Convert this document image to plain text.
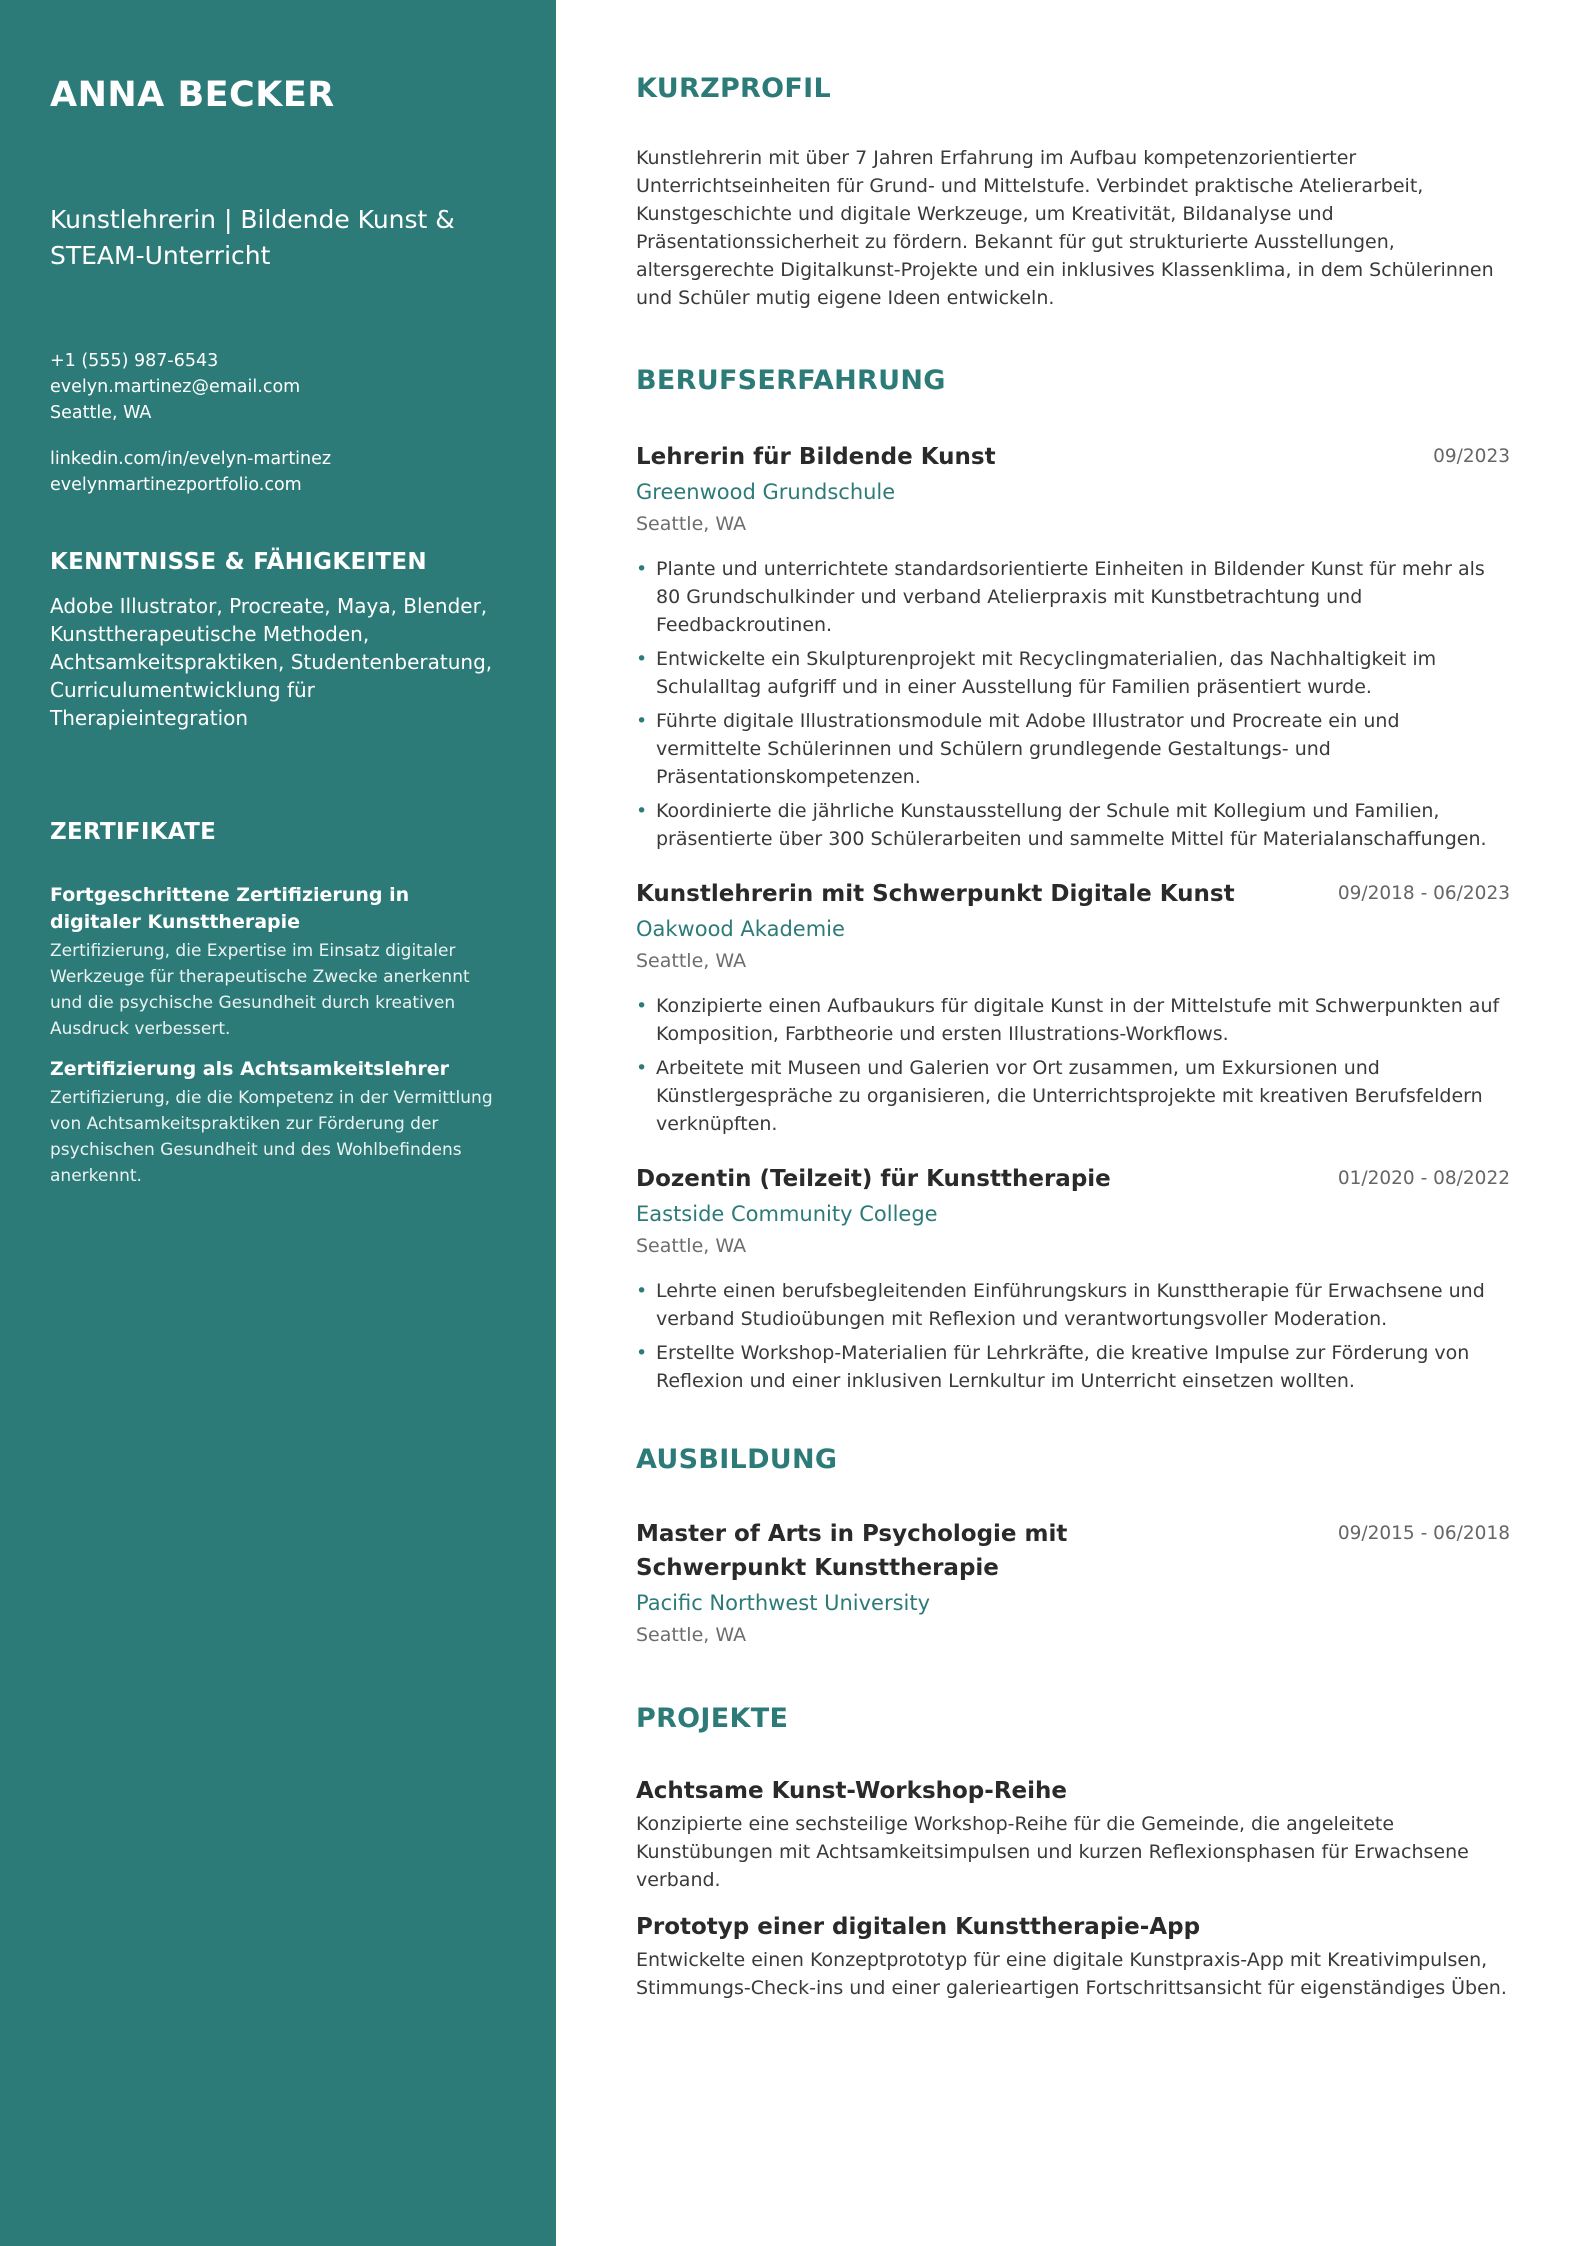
ANNA BECKER
Kunstlehrerin | Bildende Kunst & STEAM-Unterricht
+1 (555) 987-6543
evelyn.martinez@email.com
Seattle, WA
linkedin.com/in/evelyn-martinez
evelynmartinezportfolio.com
KENNTNISSE & FÄHIGKEITEN
Adobe Illustrator, Procreate, Maya, Blender, Kunsttherapeutische Methoden, Achtsamkeitspraktiken, Studentenberatung, Curriculumentwicklung für Therapieintegration
ZERTIFIKATE
Fortgeschrittene Zertifizierung in digitaler Kunsttherapie
Zertifizierung, die Expertise im Einsatz digitaler Werkzeuge für therapeutische Zwecke anerkennt und die psychische Gesundheit durch kreativen Ausdruck verbessert.
Zertifizierung als Achtsamkeitslehrer
Zertifizierung, die die Kompetenz in der Vermittlung von Achtsamkeitspraktiken zur Förderung der psychischen Gesundheit und des Wohlbefindens anerkennt.
KURZPROFIL

Kunstlehrerin mit über 7 Jahren Erfahrung im Aufbau kompetenzorientierter Unterrichtseinheiten für Grund- und Mittelstufe. Verbindet praktische Atelierarbeit, Kunstgeschichte und digitale Werkzeuge, um Kreativität, Bildanalyse und Präsentationssicherheit zu fördern. Bekannt für gut strukturierte Ausstellungen, altersgerechte Digitalkunst-Projekte und ein inklusives Klassenklima, in dem Schülerinnen und Schüler mutig eigene Ideen entwickeln.

BERUFSERFAHRUNG
Lehrerin für Bildende Kunst	09/2023
Greenwood Grundschule
Seattle, WA
• Plante und unterrichtete standardsorientierte Einheiten in Bildender Kunst für mehr als 80 Grundschulkinder und verband Atelierpraxis mit Kunstbetrachtung und Feedbackroutinen.
• Entwickelte ein Skulpturenprojekt mit Recyclingmaterialien, das Nachhaltigkeit im Schulalltag aufgriff und in einer Ausstellung für Familien präsentiert wurde.
• Führte digitale Illustrationsmodule mit Adobe Illustrator und Procreate ein und vermittelte Schülerinnen und Schülern grundlegende Gestaltungs- und Präsentationskompetenzen.
• Koordinierte die jährliche Kunstausstellung der Schule mit Kollegium und Familien, präsentierte über 300 Schülerarbeiten und sammelte Mittel für Materialanschaffungen.
Kunstlehrerin mit Schwerpunkt Digitale Kunst	09/2018 - 06/2023
Oakwood Akademie
Seattle, WA
• Konzipierte einen Aufbaukurs für digitale Kunst in der Mittelstufe mit Schwerpunkten auf Komposition, Farbtheorie und ersten Illustrations-Workflows.
• Arbeitete mit Museen und Galerien vor Ort zusammen, um Exkursionen und Künstlergespräche zu organisieren, die Unterrichtsprojekte mit kreativen Berufsfeldern verknüpften.
Dozentin (Teilzeit) für Kunsttherapie	01/2020 - 08/2022
Eastside Community College
Seattle, WA
• Lehrte einen berufsbegleitenden Einführungskurs in Kunsttherapie für Erwachsene und verband Studioübungen mit Reflexion und verantwortungsvoller Moderation.
• Erstellte Workshop-Materialien für Lehrkräfte, die kreative Impulse zur Förderung von Reflexion und einer inklusiven Lernkultur im Unterricht einsetzen wollten.
AUSBILDUNG
Master of Arts in Psychologie mit Schwerpunkt Kunsttherapie
09/2015 - 06/2018
Pacific Northwest University
Seattle, WA
PROJEKTE
Achtsame Kunst-Workshop-Reihe
Konzipierte eine sechsteilige Workshop-Reihe für die Gemeinde, die angeleitete Kunstübungen mit Achtsamkeitsimpulsen und kurzen Reflexionsphasen für Erwachsene verband.
Prototyp einer digitalen Kunsttherapie-App
Entwickelte einen Konzeptprototyp für eine digitale Kunstpraxis-App mit Kreativimpulsen, Stimmungs-Check-ins und einer galerieartigen Fortschrittsansicht für eigenständiges Üben.
